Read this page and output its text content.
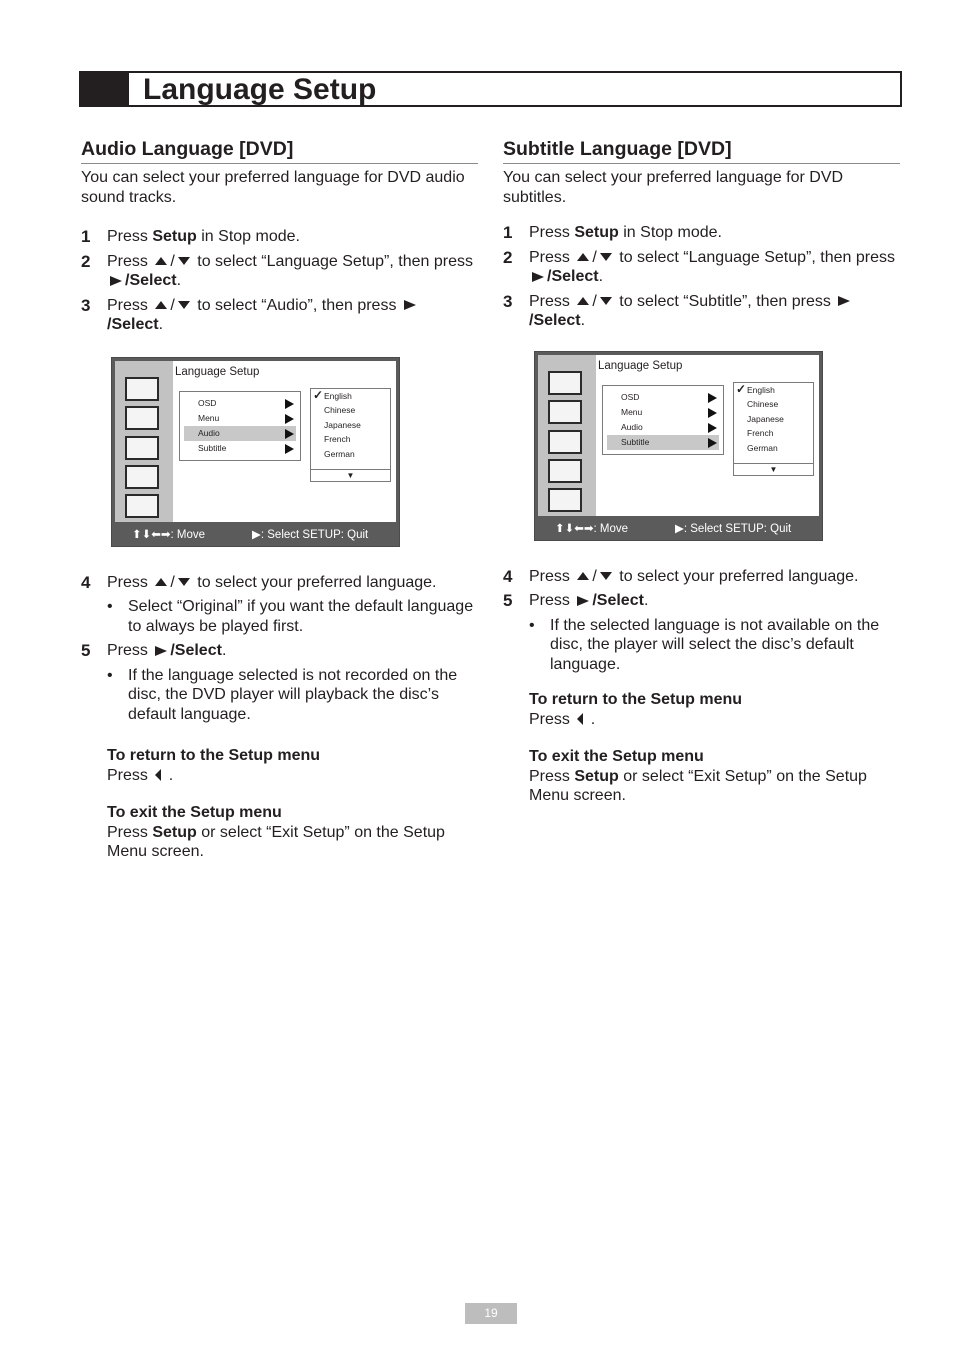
Language Setup
Audio Language [DVD]
You can select your preferred language for DVD audio sound tracks.
1 Press Setup in Stop mode.
2 Press / to select “Language Setup”, then press /Select.
3 Press / to select “Audio”, then press
/Select.
Language Setup
OSD
Menu
Audio
Subtitle
✓ English
Chinese
Japanese
French
German
▼
⬆⬇⬅➡: Move	▶: Select SETUP: Quit
4 Press / to select your preferred language.
• Select “Original” if you want the default language to always be played first.
5 Press /Select.
• If the language selected is not recorded on the disc, the DVD player will playback the disc’s default language.
To return to the Setup menu
Press  .
To exit the Setup menu
Press Setup or select “Exit Setup” on the Setup Menu screen.
Subtitle Language [DVD]
You can select your preferred language for DVD subtitles.
1 Press Setup in Stop mode.
2 Press / to select “Language Setup”, then press /Select.
3 Press / to select “Subtitle”, then press
/Select.
Language Setup
OSD
Menu
Audio
Subtitle
✓ English
Chinese
Japanese
French
German
▼
⬆⬇⬅➡: Move	▶: Select SETUP: Quit
4 Press / to select your preferred language.
5 Press /Select.
• If the selected language is not available on the disc, the player will select the disc’s default language.
To return to the Setup menu
Press  .
To exit the Setup menu
Press Setup or select “Exit Setup” on the Setup Menu screen.
19
